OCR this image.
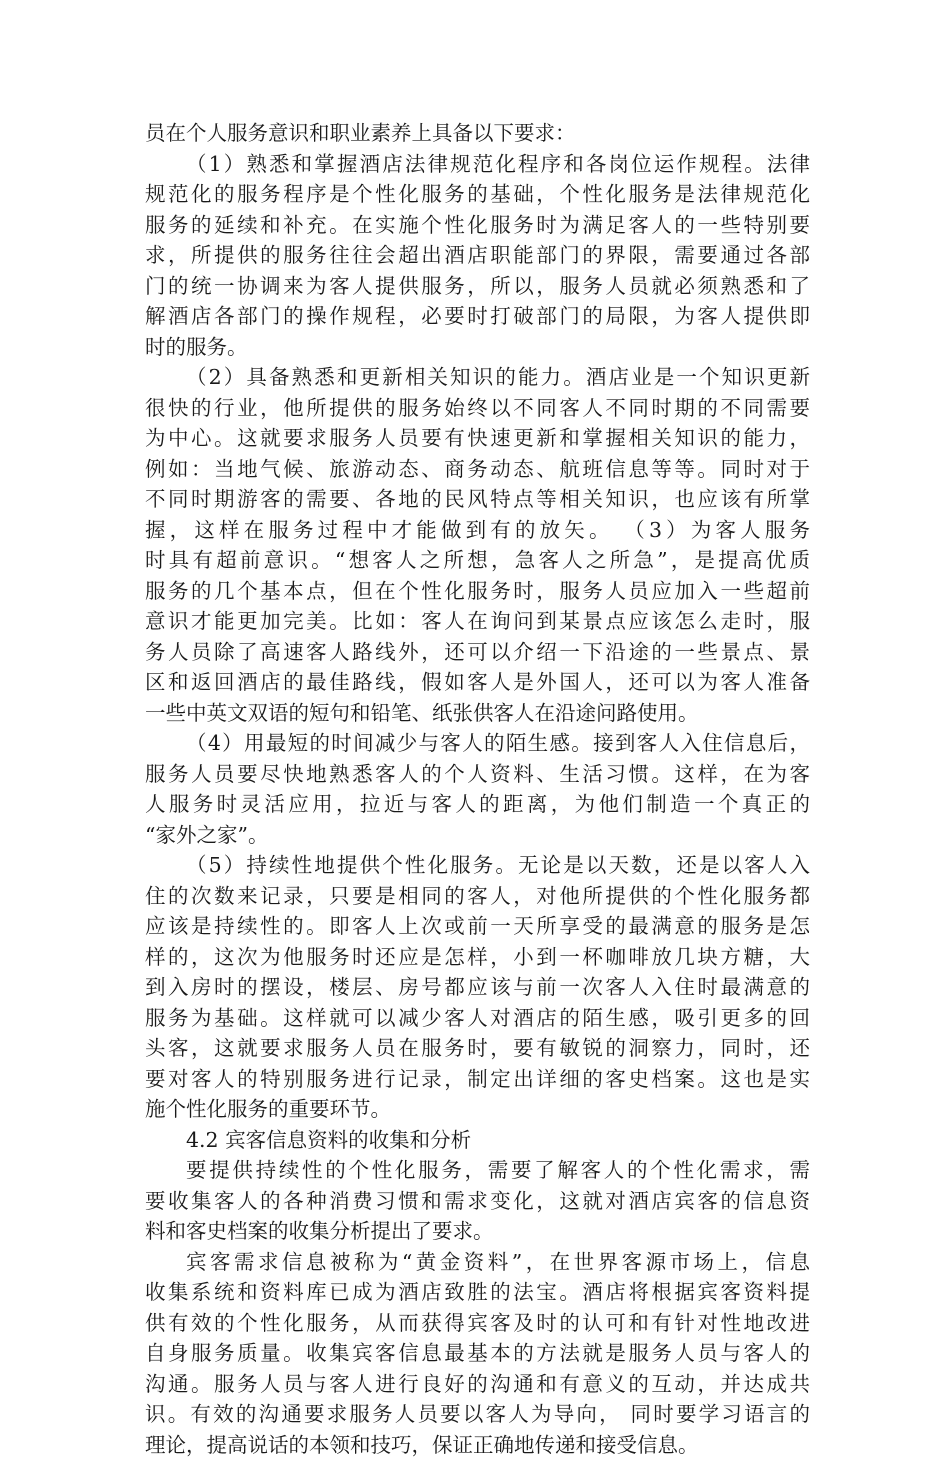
员在个人服务意识和职业素养上具备以下要求：
（1）熟悉和掌握酒店法律规范化程序和各岗位运作规程。法律
规范化的服务程序是个性化服务的基础，个性化服务是法律规范化
服务的延续和补充。在实施个性化服务时为满足客人的一些特别要
求，所提供的服务往往会超出酒店职能部门的界限，需要通过各部
门的统一协调来为客人提供服务，所以，服务人员就必须熟悉和了
解酒店各部门的操作规程，必要时打破部门的局限，为客人提供即
时的服务。
（2）具备熟悉和更新相关知识的能力。酒店业是一个知识更新
很快的行业，他所提供的服务始终以不同客人不同时期的不同需要
为中心。这就要求服务人员要有快速更新和掌握相关知识的能力，
例如：当地气候、旅游动态、商务动态、航班信息等等。同时对于
不同时期游客的需要、各地的民风特点等相关知识，也应该有所掌
握，这样在服务过程中才能做到有的放矢。 （3）为客人服务
时具有超前意识。“想客人之所想，急客人之所急”，是提高优质
服务的几个基本点，但在个性化服务时，服务人员应加入一些超前
意识才能更加完美。比如：客人在询问到某景点应该怎么走时，服
务人员除了高速客人路线外，还可以介绍一下沿途的一些景点、景
区和返回酒店的最佳路线，假如客人是外国人，还可以为客人准备
一些中英文双语的短句和铅笔、纸张供客人在沿途问路使用。
（4）用最短的时间减少与客人的陌生感。接到客人入住信息后，
服务人员要尽快地熟悉客人的个人资料、生活习惯。这样，在为客
人服务时灵活应用，拉近与客人的距离，为他们制造一个真正的
“家外之家”。
（5）持续性地提供个性化服务。无论是以天数，还是以客人入
住的次数来记录，只要是相同的客人，对他所提供的个性化服务都
应该是持续性的。即客人上次或前一天所享受的最满意的服务是怎
样的，这次为他服务时还应是怎样，小到一杯咖啡放几块方糖，大
到入房时的摆设，楼层、房号都应该与前一次客人入住时最满意的
服务为基础。这样就可以减少客人对酒店的陌生感，吸引更多的回
头客，这就要求服务人员在服务时，要有敏锐的洞察力，同时，还
要对客人的特别服务进行记录，制定出详细的客史档案。这也是实
施个性化服务的重要环节。
4.2 宾客信息资料的收集和分析
要提供持续性的个性化服务，需要了解客人的个性化需求，需
要收集客人的各种消费习惯和需求变化，这就对酒店宾客的信息资
料和客史档案的收集分析提出了要求。
宾客需求信息被称为“黄金资料”，在世界客源市场上，信息
收集系统和资料库已成为酒店致胜的法宝。酒店将根据宾客资料提
供有效的个性化服务，从而获得宾客及时的认可和有针对性地改进
自身服务质量。收集宾客信息最基本的方法就是服务人员与客人的
沟通。服务人员与客人进行良好的沟通和有意义的互动，并达成共
识。有效的沟通要求服务人员要以客人为导向， 同时要学习语言的
理论，提高说话的本领和技巧，保证正确地传递和接受信息。
